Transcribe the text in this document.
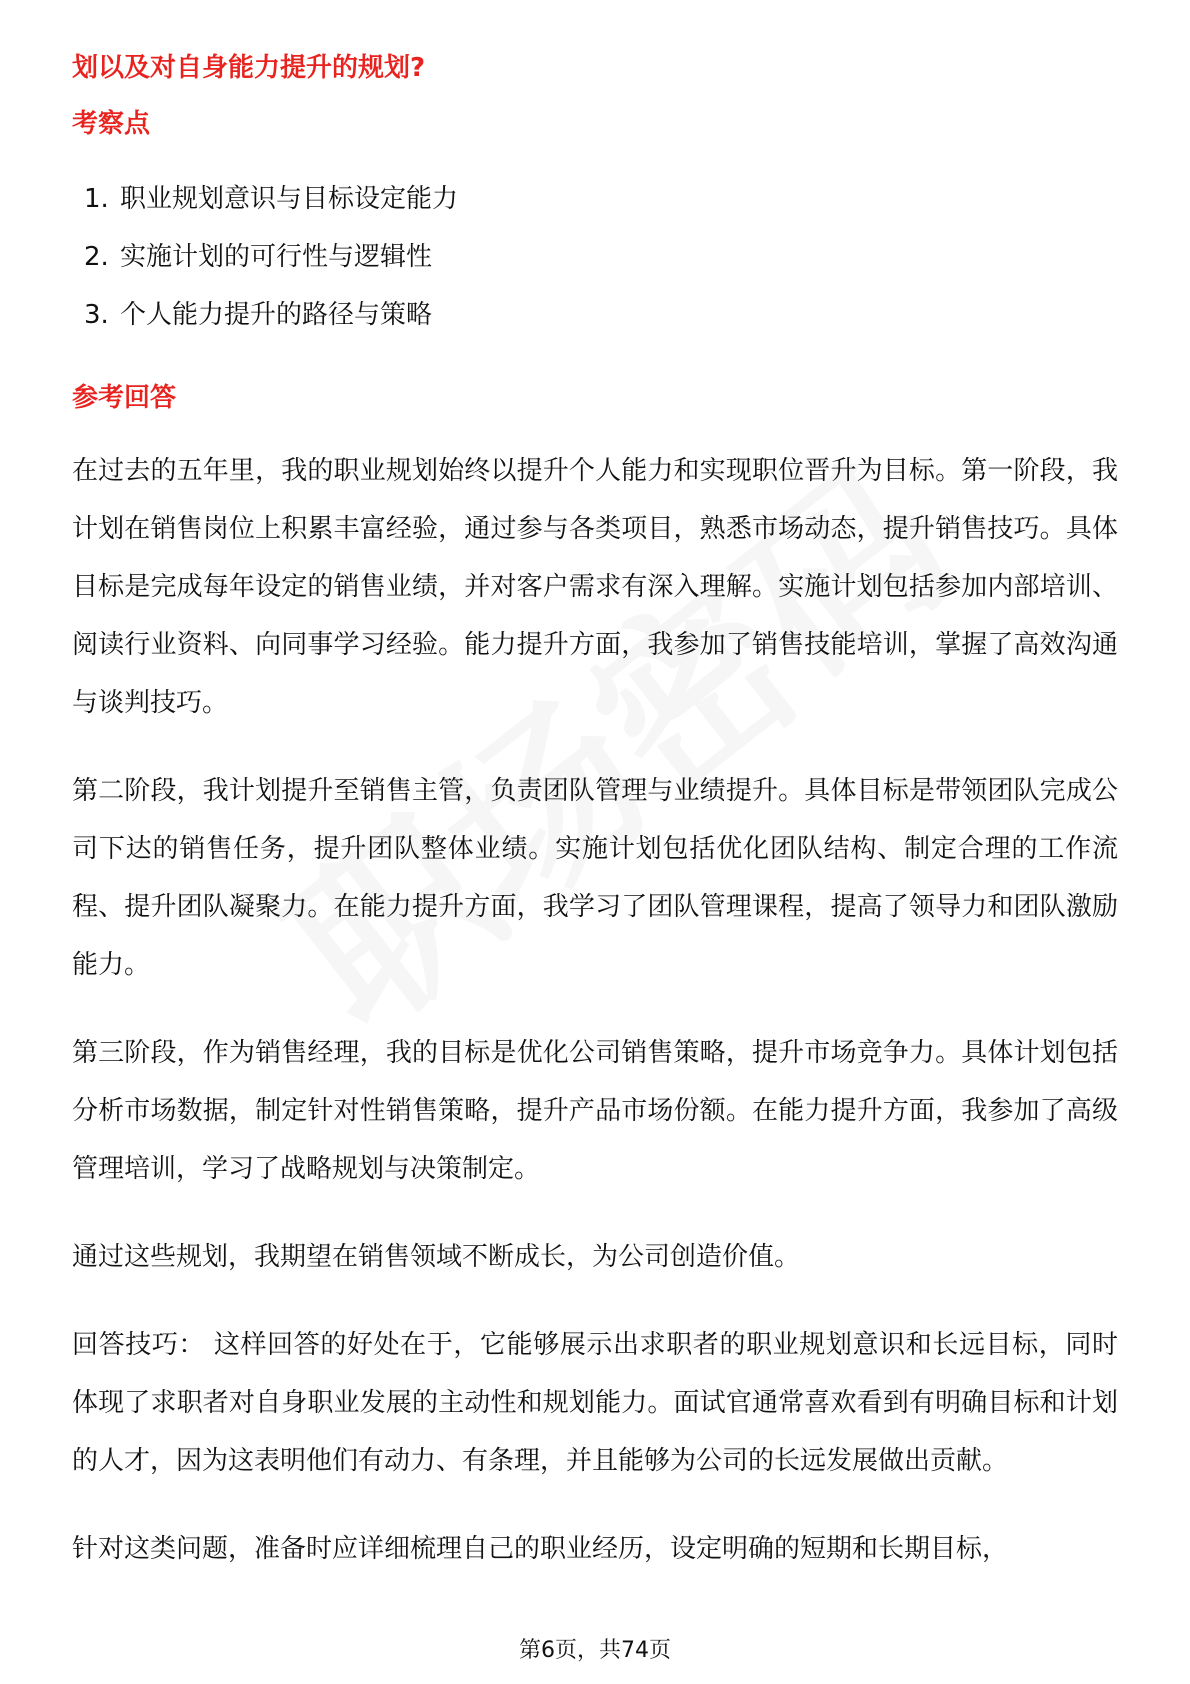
划以及对自身能力提升的规划?

考察点

1. 职业规划意识与目标设定能力
2. 实施计划的可行性与逻辑性
3. 个人能力提升的路径与策略

参考回答

在过去的五年里，我的职业规划始终以提升个人能力和实现职位晋升为目标。第一阶段，我计划在销售岗位上积累丰富经验，通过参与各类项目，熟悉市场动态，提升销售技巧。具体目标是完成每年设定的销售业绩，并对客户需求有深入理解。实施计划包括参加内部培训、阅读行业资料、向同事学习经验。能力提升方面，我参加了销售技能培训，掌握了高效沟通与谈判技巧。

第二阶段，我计划提升至销售主管，负责团队管理与业绩提升。具体目标是带领团队完成公司下达的销售任务，提升团队整体业绩。实施计划包括优化团队结构、制定合理的工作流程、提升团队凝聚力。在能力提升方面，我学习了团队管理课程，提高了领导力和团队激励能力。

第三阶段，作为销售经理，我的目标是优化公司销售策略，提升市场竞争力。具体计划包括分析市场数据，制定针对性销售策略，提升产品市场份额。在能力提升方面，我参加了高级管理培训，学习了战略规划与决策制定。

通过这些规划，我期望在销售领域不断成长，为公司创造价值。

回答技巧： 这样回答的好处在于，它能够展示出求职者的职业规划意识和长远目标，同时体现了求职者对自身职业发展的主动性和规划能力。面试官通常喜欢看到有明确目标和计划的人才，因为这表明他们有动力、有条理，并且能够为公司的长远发展做出贡献。

针对这类问题，准备时应详细梳理自己的职业经历，设定明确的短期和长期目标，

第6页，共74页
